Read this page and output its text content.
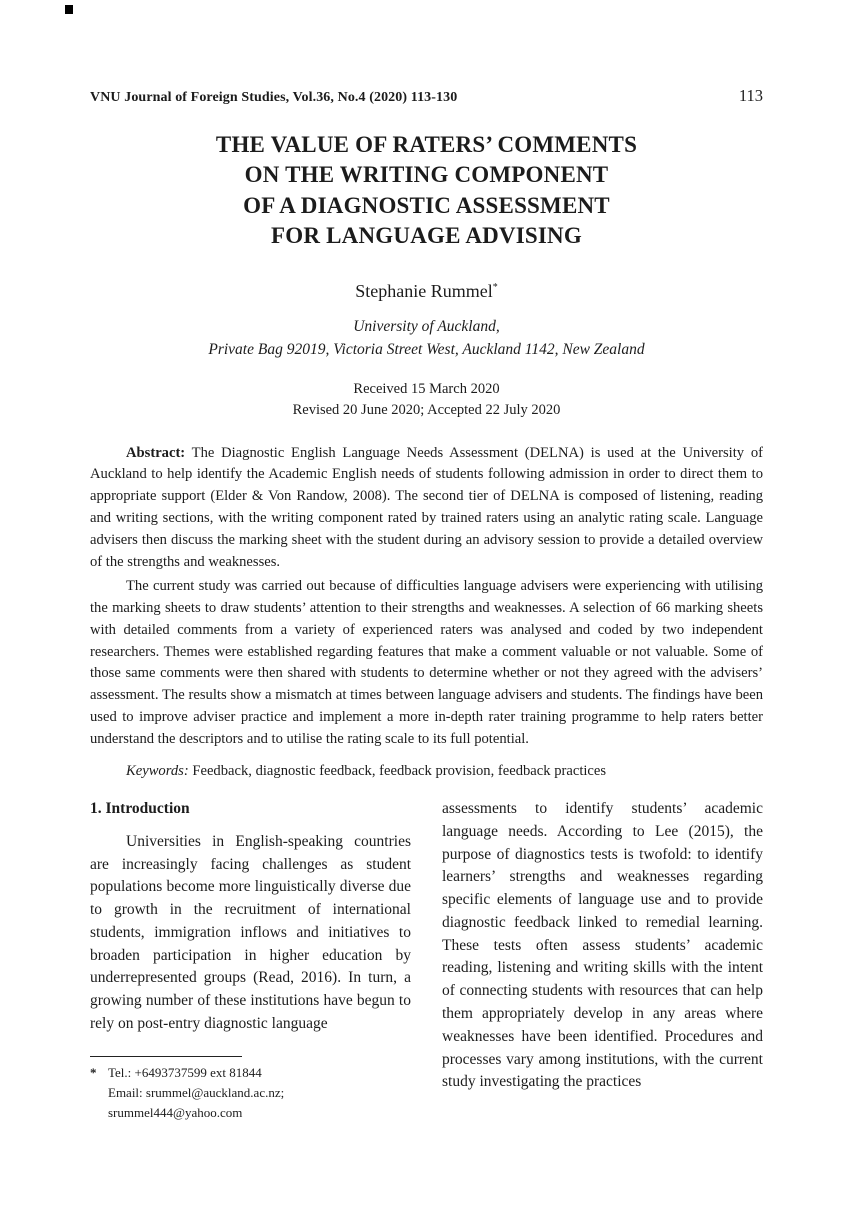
VNU Journal of Foreign Studies, Vol.36, No.4 (2020) 113-130	113
THE VALUE OF RATERS’ COMMENTS
ON THE WRITING COMPONENT
OF A DIAGNOSTIC ASSESSMENT
FOR LANGUAGE ADVISING
Stephanie Rummel*
University of Auckland,
Private Bag 92019, Victoria Street West, Auckland 1142, New Zealand
Received 15 March 2020
Revised 20 June 2020; Accepted 22 July 2020

Abstract: The Diagnostic English Language Needs Assessment (DELNA) is used at the University of Auckland to help identify the Academic English needs of students following admission in order to direct them to appropriate support (Elder & Von Randow, 2008). The second tier of DELNA is composed of listening, reading and writing sections, with the writing component rated by trained raters using an analytic rating scale. Language advisers then discuss the marking sheet with the student during an advisory session to provide a detailed overview of the strengths and weaknesses.

The current study was carried out because of difficulties language advisers were experiencing with utilising the marking sheets to draw students’ attention to their strengths and weaknesses. A selection of 66 marking sheets with detailed comments from a variety of experienced raters was analysed and coded by two independent researchers. Themes were established regarding features that make a comment valuable or not valuable. Some of those same comments were then shared with students to determine whether or not they agreed with the advisers’ assessment. The results show a mismatch at times between language advisers and students. The findings have been used to improve adviser practice and implement a more in-depth rater training programme to help raters better understand the descriptors and to utilise the rating scale to its full potential.

Keywords: Feedback, diagnostic feedback, feedback provision, feedback practices
1. Introduction

Universities in English-speaking countries are increasingly facing challenges as student populations become more linguistically diverse due to growth in the recruitment of international students, immigration inflows and initiatives to broaden participation in higher education by underrepresented groups (Read, 2016). In turn, a growing number of these institutions have begun to rely on post-entry diagnostic language

* Tel.: +6493737599 ext 81844
Email: srummel@auckland.ac.nz; srummel444@yahoo.com

assessments to identify students’ academic language needs. According to Lee (2015), the purpose of diagnostics tests is twofold: to identify learners’ strengths and weaknesses regarding specific elements of language use and to provide diagnostic feedback linked to remedial learning. These tests often assess students’ academic reading, listening and writing skills with the intent of connecting students with resources that can help them appropriately develop in any areas where weaknesses have been identified. Procedures and processes vary among institutions, with the current study investigating the practices
